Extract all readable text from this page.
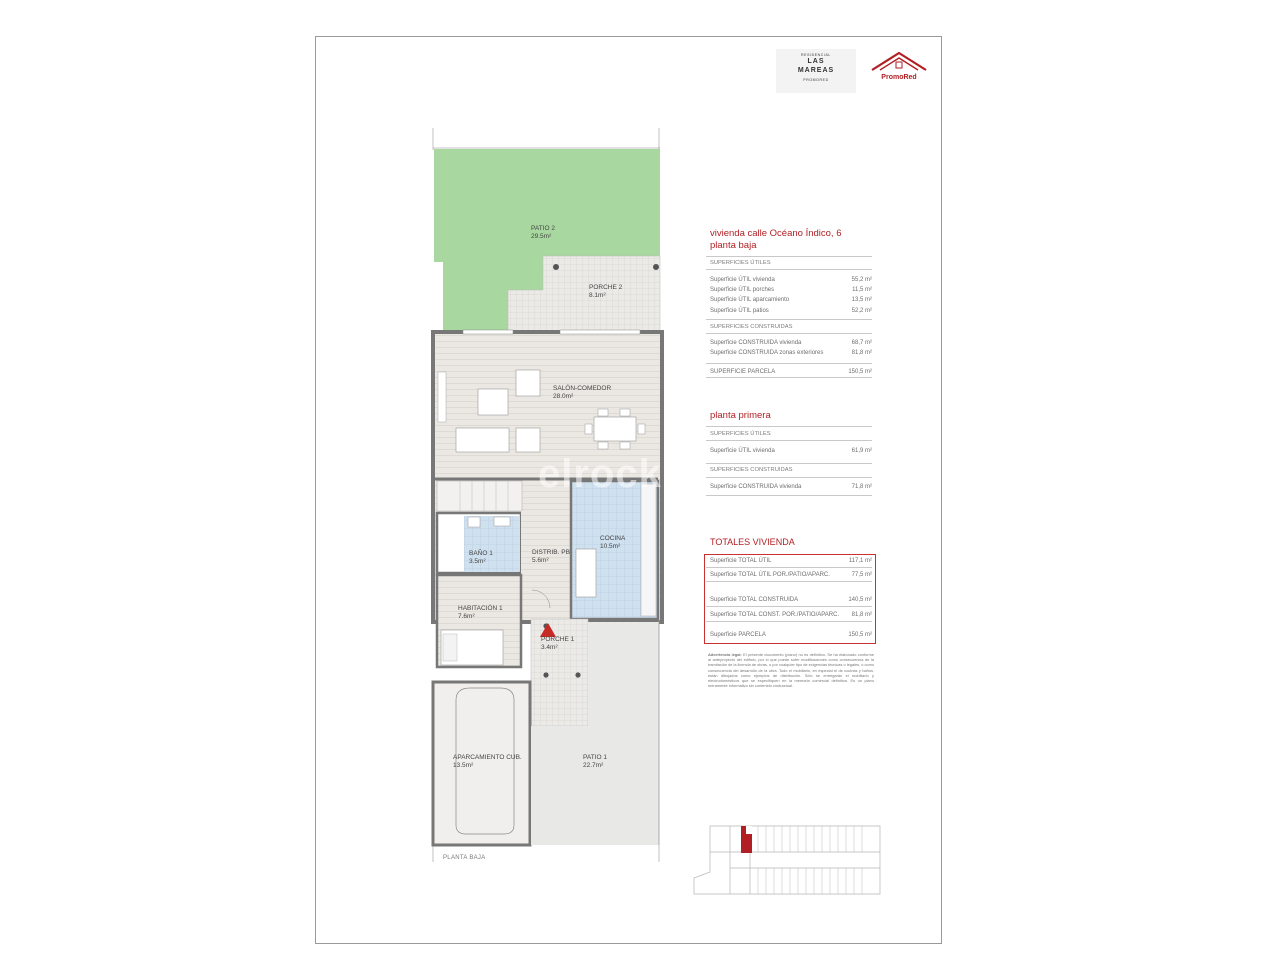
RESIDENCIAL
LAS
MAREAS
PROMORED	PromoRed
elrock
PATIO 2
29.5m²
PORCHE 2
8.1m²
SALÓN-COMEDOR
28.0m²
BAÑO 1
3.5m²
DISTRIB. PB
5.6m²
COCINA
10.5m²
HABITACIÓN 1
7.6m²
PORCHE 1
3.4m²
APARCAMIENTO CUB.
13.5m²
PATIO 1
22.7m²
PLANTA BAJA
vivienda calle Océano Índico, 6
planta baja
SUPERFICIES ÚTILES
Superficie ÚTIL vivienda	55,2 m²
Superficie ÚTIL porches	11,5 m²
Superficie ÚTIL aparcamiento	13,5 m²
Superficie ÚTIL patios	52,2 m²
SUPERFICIES CONSTRUIDAS
Superficie CONSTRUIDA vivienda	68,7 m²
Superficie CONSTRUIDA zonas exteriores	81,8 m²
SUPERFICIE PARCELA	150,5 m²
planta primera
SUPERFICIES ÚTILES
Superficie ÚTIL vivienda	61,9 m²
SUPERFICIES CONSTRUIDAS
Superficie CONSTRUIDA vivienda	71,8 m²
TOTALES VIVIENDA
Superficie TOTAL ÚTIL	117,1 m²
Superficie TOTAL ÚTIL POR./PATIO/APARC.	77,5 m²
Superficie TOTAL CONSTRUIDA	140,5 m²
Superficie TOTAL CONST. POR./PATIO/APARC. 81,8 m²
Superficie PARCELA	150,5 m²
Advertencia legal: El presente documento (plano) no es definitivo. Se ha elaborado conforme al anteproyecto del edificio, por lo que puede sufrir modificaciones como consecuencia de la tramitación de la licencia de obras, o por cualquier tipo de exigencias técnicas o legales, o como consecuencia del desarrollo de la obra. Todo el mobiliario, en especial el de cocinas y baños, están dibujados como ejemplos de distribución. Sólo se entregarán el mobiliario y electrodomésticos que se especifiquen en la memoria comercial definitiva. Es un plano meramente informativo sin contenido contractual.
